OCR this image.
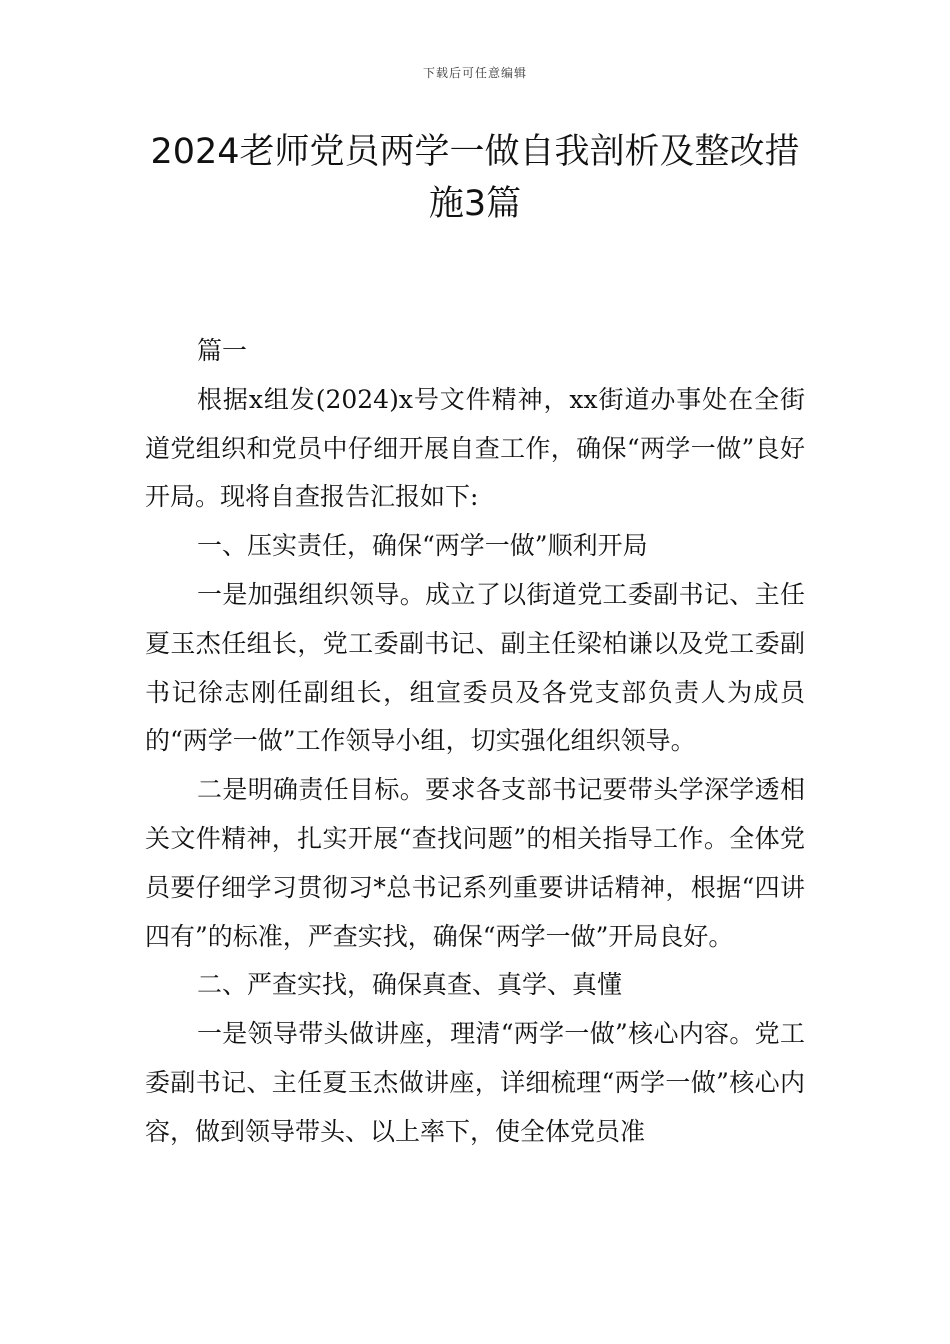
下载后可任意编辑
2024老师党员两学一做自我剖析及整改措
施3篇

篇一

根据x组发(2024)x号文件精神，xx街道办事处在全街道党组织和党员中仔细开展自查工作，确保“两学一做”良好开局。现将自查报告汇报如下:

一、压实责任，确保“两学一做”顺利开局

一是加强组织领导。成立了以街道党工委副书记、主任夏玉杰任组长，党工委副书记、副主任梁柏谦以及党工委副书记徐志刚任副组长，组宣委员及各党支部负责人为成员的“两学一做”工作领导小组，切实强化组织领导。

二是明确责任目标。要求各支部书记要带头学深学透相关文件精神，扎实开展“查找问题”的相关指导工作。全体党员要仔细学习贯彻习*总书记系列重要讲话精神，根据“四讲四有”的标准，严查实找，确保“两学一做”开局良好。

二、严查实找，确保真查、真学、真懂

一是领导带头做讲座，理清“两学一做”核心内容。党工委副书记、主任夏玉杰做讲座，详细梳理“两学一做”核心内容，做到领导带头、以上率下，使全体党员准
